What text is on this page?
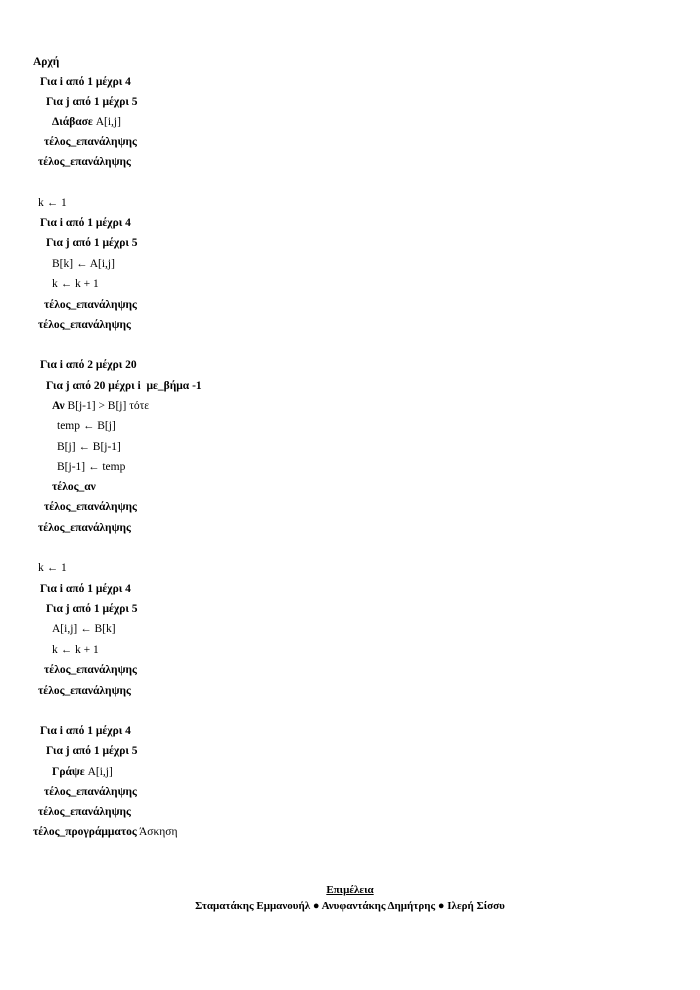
Αρχή
Για i από 1 μέχρι 4
Για j από 1 μέχρι 5
Διάβασε A[i,j]
τέλος_επανάληψης
τέλος_επανάληψης
k ← 1
Για i από 1 μέχρι 4
Για j από 1 μέχρι 5
B[k] ← A[i,j]
k ← k + 1
τέλος_επανάληψης
τέλος_επανάληψης
Για i από 2 μέχρι 20
Για j από 20 μέχρι i  με_βήμα -1
Αν B[j-1] > B[j] τότε
temp ← B[j]
B[j] ← B[j-1]
B[j-1] ← temp
τέλος_αν
τέλος_επανάληψης
τέλος_επανάληψης
k ← 1
Για i από 1 μέχρι 4
Για j από 1 μέχρι 5
A[i,j] ← B[k]
k ← k + 1
τέλος_επανάληψης
τέλος_επανάληψης
Για i από 1 μέχρι 4
Για j από 1 μέχρι 5
Γράψε A[i,j]
τέλος_επανάληψης
τέλος_επανάληψης
τέλος_προγράμματος Άσκηση
Επιμέλεια
Σταματάκης Εμμανουήλ ● Ανυφαντάκης Δημήτρης ● Ιλερή Σίσσυ
